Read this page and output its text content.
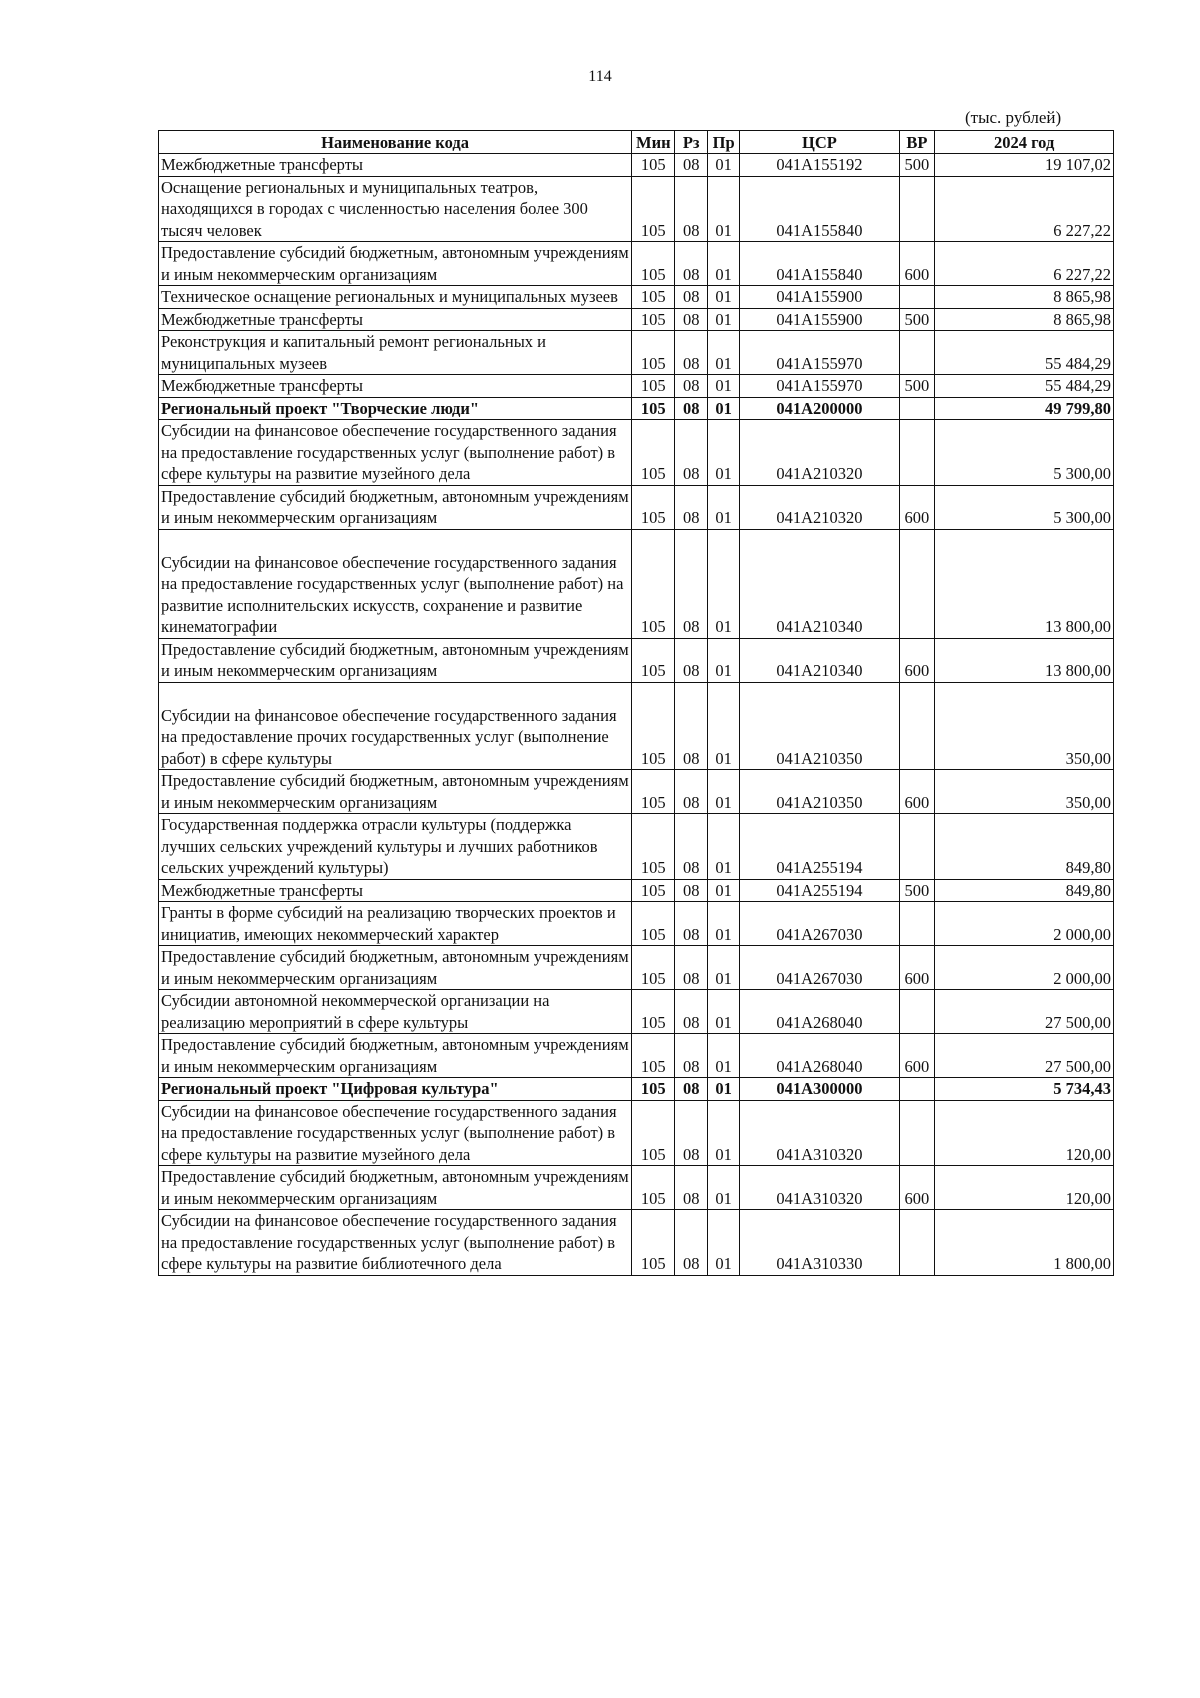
114
(тыс. рублей)
Наименование кода	Мин	Рз	Пр	ЦСР	ВР	2024 год
Межбюджетные трансферты	105	08	01	041A155192	500	19 107,02
Оснащение региональных и муниципальных театров, находящихся в городах с численностью населения более 300 тысяч человек	105	08	01	041A155840		6 227,22
Предоставление субсидий бюджетным, автономным учреждениям и иным некоммерческим организациям	105	08	01	041A155840	600	6 227,22
Техническое оснащение региональных и муниципальных музеев	105	08	01	041A155900		8 865,98
Межбюджетные трансферты	105	08	01	041A155900	500	8 865,98
Реконструкция и капитальный ремонт региональных и муниципальных музеев	105	08	01	041A155970		55 484,29
Межбюджетные трансферты	105	08	01	041A155970	500	55 484,29
Региональный проект "Творческие люди"	105	08	01	041A200000		49 799,80
Субсидии на финансовое обеспечение государственного задания на предоставление государственных услуг (выполнение работ) в сфере культуры на развитие музейного дела	105	08	01	041A210320		5 300,00
Предоставление субсидий бюджетным, автономным учреждениям и иным некоммерческим организациям	105	08	01	041A210320	600	5 300,00
Субсидии на финансовое обеспечение государственного задания на предоставление государственных услуг (выполнение работ) на развитие исполнительских искусств, сохранение и развитие кинематографии	105	08	01	041A210340		13 800,00
Предоставление субсидий бюджетным, автономным учреждениям и иным некоммерческим организациям	105	08	01	041A210340	600	13 800,00
Субсидии на финансовое обеспечение государственного задания на предоставление прочих государственных услуг (выполнение работ) в сфере культуры	105	08	01	041A210350		350,00
Предоставление субсидий бюджетным, автономным учреждениям и иным некоммерческим организациям	105	08	01	041A210350	600	350,00
Государственная поддержка отрасли культуры (поддержка лучших сельских учреждений культуры и лучших работников сельских учреждений культуры)	105	08	01	041A255194		849,80
Межбюджетные трансферты	105	08	01	041A255194	500	849,80
Гранты в форме субсидий на реализацию творческих проектов и инициатив, имеющих некоммерческий характер	105	08	01	041A267030		2 000,00
Предоставление субсидий бюджетным, автономным учреждениям и иным некоммерческим организациям	105	08	01	041A267030	600	2 000,00
Субсидии автономной некоммерческой организации на реализацию мероприятий в сфере культуры	105	08	01	041A268040		27 500,00
Предоставление субсидий бюджетным, автономным учреждениям и иным некоммерческим организациям	105	08	01	041A268040	600	27 500,00
Региональный проект "Цифровая культура"	105	08	01	041A300000		5 734,43
Субсидии на финансовое обеспечение государственного задания на предоставление государственных услуг (выполнение работ) в сфере культуры на развитие музейного дела	105	08	01	041A310320		120,00
Предоставление субсидий бюджетным, автономным учреждениям и иным некоммерческим организациям	105	08	01	041A310320	600	120,00
Субсидии на финансовое обеспечение государственного задания на предоставление государственных услуг (выполнение работ) в сфере культуры на развитие библиотечного дела	105	08	01	041A310330		1 800,00
